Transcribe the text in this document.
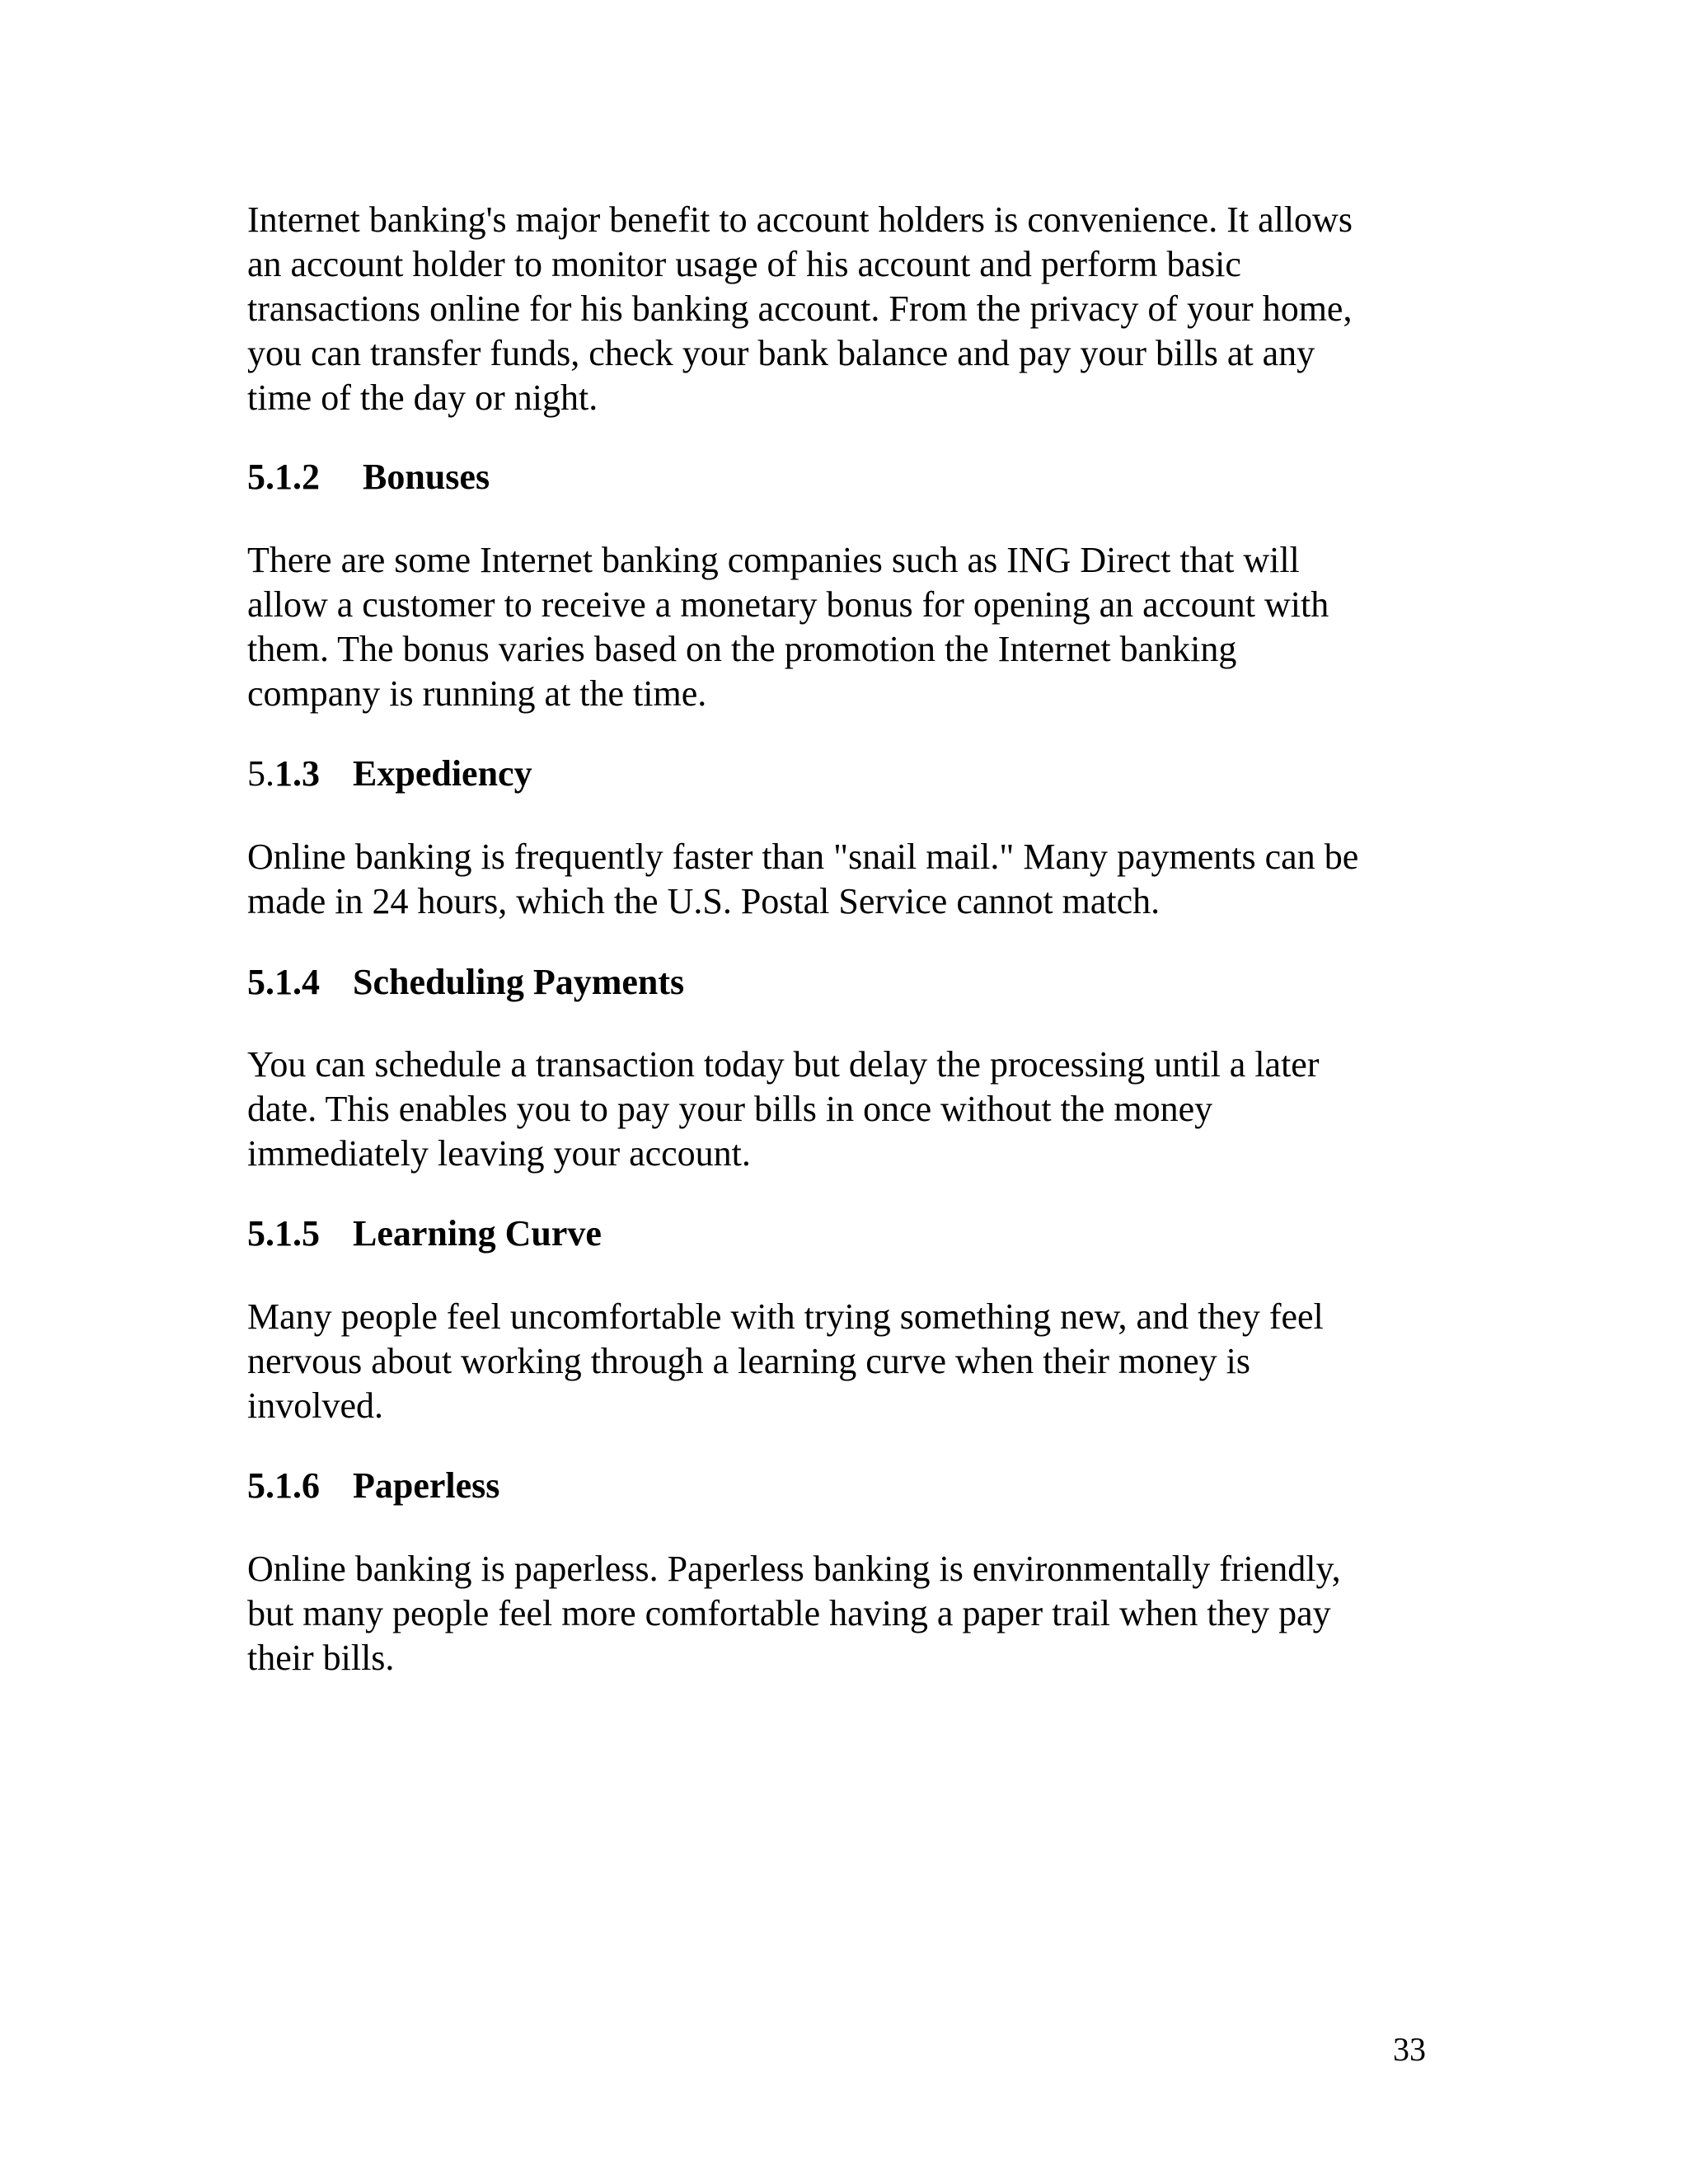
Internet banking's major benefit to account holders is convenience. It allows
an account holder to monitor usage of his account and perform basic
transactions online for his banking account. From the privacy of your home,
you can transfer funds, check your bank balance and pay your bills at any
time of the day or night.

5.1.2 Bonuses

There are some Internet banking companies such as ING Direct that will
allow a customer to receive a monetary bonus for opening an account with
them. The bonus varies based on the promotion the Internet banking
company is running at the time.

5.1.3 Expediency

Online banking is frequently faster than "snail mail." Many payments can be
made in 24 hours, which the U.S. Postal Service cannot match.

5.1.4 Scheduling Payments

You can schedule a transaction today but delay the processing until a later
date. This enables you to pay your bills in once without the money
immediately leaving your account.

5.1.5 Learning Curve

Many people feel uncomfortable with trying something new, and they feel
nervous about working through a learning curve when their money is
involved.

5.1.6 Paperless

Online banking is paperless. Paperless banking is environmentally friendly,
but many people feel more comfortable having a paper trail when they pay
their bills.

33
